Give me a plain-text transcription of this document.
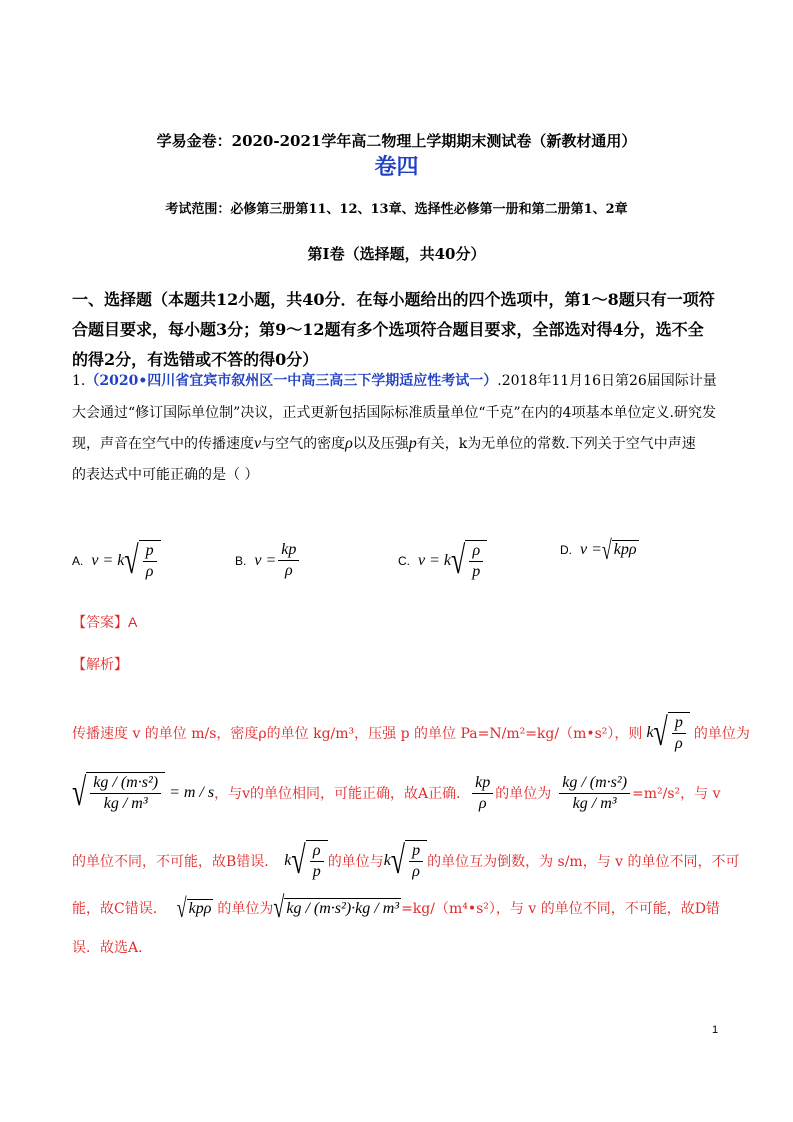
学易金卷：2020-2021学年高二物理上学期期末测试卷（新教材通用）
卷四
考试范围：必修第三册第11、12、13章、选择性必修第一册和第二册第1、2章
第Ⅰ卷（选择题，共40分）
一、选择题（本题共12小题，共40分．在每小题给出的四个选项中，第1～8题只有一项符
合题目要求，每小题3分；第9～12题有多个选项符合题目要求，全部选对得4分，选不全
的得2分，有选错或不答的得0分）
1.（2020•四川省宜宾市叙州区一中高三高三下学期适应性考试一）.2018年11月16日第26届国际计量
大会通过“修订国际单位制”决议，正式更新包括国际标准质量单位“千克”在内的4项基本单位定义.研究发
现，声音在空气中的传播速度v与空气的密度ρ以及压强p有关，k为无单位的常数.下列关于空气中声速
的表达式中可能正确的是（ ）
A. v = k √ $\frac{p}{\rho}$	B. $v = \frac{kp}{\rho}$	C. v = k √ $\frac{\rho}{p}$	D. v = √ kpρ
【答案】A
【解析】
传播速度 v 的单位 m/s，密度ρ的单位 kg/m³，压强 p 的单位 Pa=N/m²=kg/（m•s²），则 k √ $\frac{p}{\rho}$ 的单位为
√ $\frac{\text{kg / (m·s²)}}{\text{kg / m³}} = m / s$ ，与v的单位相同，可能正确，故A正确． $\frac{kp}{\rho}$ 的单位为 $\frac{\text{kg / (m·s²)}}{\text{kg / m³}} =m^2/s^2$，与 v
的单位不同，不可能，故B错误． k √ $\frac{\rho}{p}$ 的单位与 k √ $\frac{p}{\rho}$ 的单位互为倒数，为 s/m，与 v 的单位不同，不可
能，故C错误． √ kpρ 的单位为 √ kg / (m·s²)·kg / m³ =kg/（m⁴•s²），与 v 的单位不同，不可能，故D错
误．故选A．
1
